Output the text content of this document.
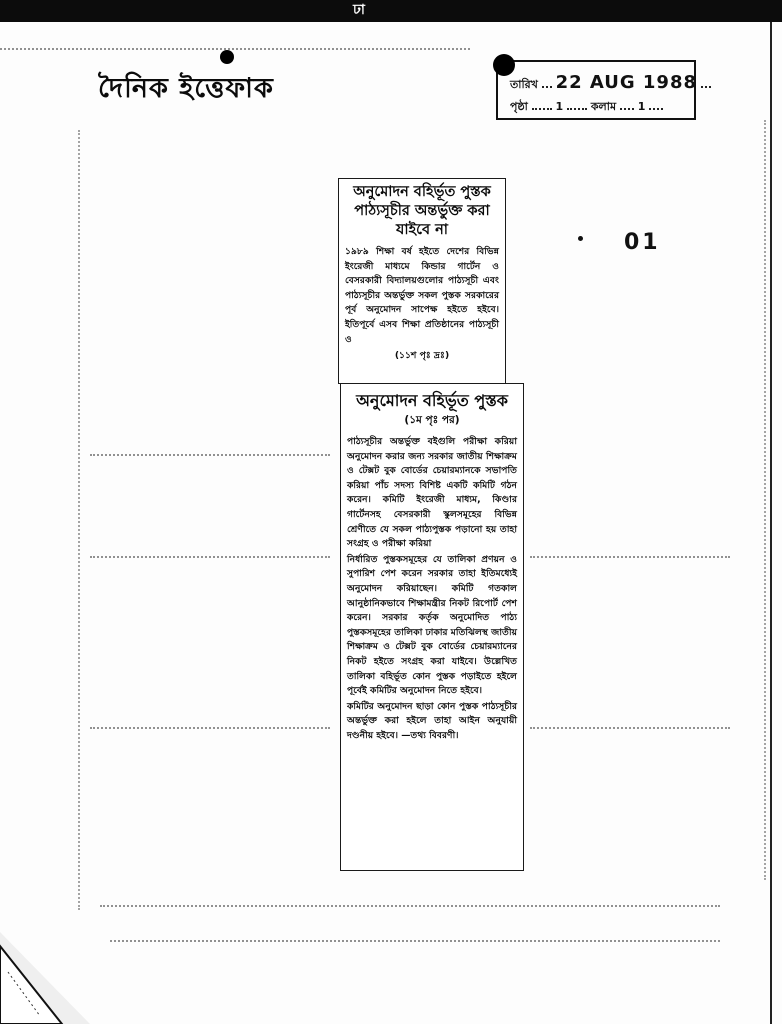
ঢা
দৈনিক ইত্তেফাক	তারিখ 22 AUG 1988
পৃষ্ঠা	1	কলাম 1
01
অনুমোদন বহির্ভূত পুস্তক পাঠ্যসূচীর অন্তর্ভুক্ত করা যাইবে না

১৯৮৯ শিক্ষা বর্ষ হইতে দেশের বিভিন্ন ইংরেজী মাধ্যমে কিন্ডার গার্টেন ও বেসরকারী বিদ্যালয়গুলোর পাঠ্যসূচী এবং পাঠ্যসূচীর অন্তর্ভুক্ত সকল পুস্তক সরকারের পূর্ব অনুমোদন সাপেক্ষ হইতে হইবে। ইতিপূর্বে এসব শিক্ষা প্রতিষ্ঠানের পাঠ্যসূচী ও

(১১শ পৃঃ দ্রঃ)
অনুমোদন বহির্ভূত পুস্তক
(১ম পৃঃ পর)

পাঠ্যসূচীর অন্তর্ভুক্ত বইগুলি পরীক্ষা করিয়া অনুমোদন করার জন্য সরকার জাতীয় শিক্ষাক্রম ও টেক্সট বুক বোর্ডের চেয়ারম্যানকে সভাপতি করিয়া পাঁচ সদস্য বিশিষ্ট একটি কমিটি গঠন করেন। কমিটি ইংরেজী মাধ্যম, কিণ্ডার গার্টেনসহ বেসরকারী স্কুলসমূহের বিভিন্ন শ্রেণীতে যে সকল পাঠ্যপুস্তক পড়ানো হয় তাহা সংগ্রহ ও পরীক্ষা করিয়া

নির্ধারিত পুস্তকসমূহের যে তালিকা প্রণয়ন ও সুপারিশ পেশ করেন সরকার তাহা ইতিমধ্যেই অনুমোদন করিয়াছেন। কমিটি গতকাল আনুষ্ঠানিকভাবে শিক্ষামন্ত্রীর নিকট রিপোর্ট পেশ করেন। সরকার কর্তৃক অনুমোদিত পাঠ্য পুস্তকসমূহের তালিকা ঢাকার মতিঝিলস্থ জাতীয় শিক্ষাক্রম ও টেক্সট বুক বোর্ডের চেয়ারম্যানের নিকট হইতে সংগ্রহ করা যাইবে। উল্লেখিত তালিকা বহির্ভূত কোন পুস্তক পড়াইতে হইলে পূর্বেই কমিটির অনুমোদন নিতে হইবে।

কমিটির অনুমোদন ছাড়া কোন পুস্তক পাঠ্যসূচীর অন্তর্ভুক্ত করা হইলে তাহা আইন অনুযায়ী দণ্ডনীয় হইবে। —তথ্য বিবরণী।
